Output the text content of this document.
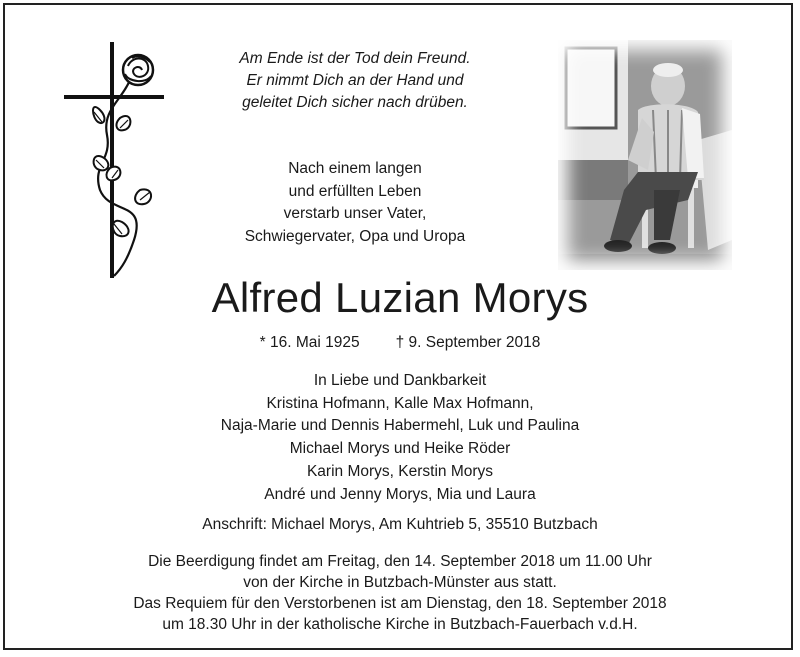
Am Ende ist der Tod dein Freund.
Er nimmt Dich an der Hand und
geleitet Dich sicher nach drüben.
Nach einem langen
und erfüllten Leben
verstarb unser Vater,
Schwiegervater, Opa und Uropa
Alfred Luzian Morys
* 16. Mai 1925 † 9. September 2018
In Liebe und Dankbarkeit
Kristina Hofmann, Kalle Max Hofmann,
Naja-Marie und Dennis Habermehl, Luk und Paulina
Michael Morys und Heike Röder
Karin Morys, Kerstin Morys
André und Jenny Morys, Mia und Laura
Anschrift: Michael Morys, Am Kuhtrieb 5, 35510 Butzbach
Die Beerdigung findet am Freitag, den 14. September 2018 um 11.00 Uhr
von der Kirche in Butzbach-Münster aus statt.
Das Requiem für den Verstorbenen ist am Dienstag, den 18. September 2018
um 18.30 Uhr in der katholische Kirche in Butzbach-Fauerbach v.d.H.
